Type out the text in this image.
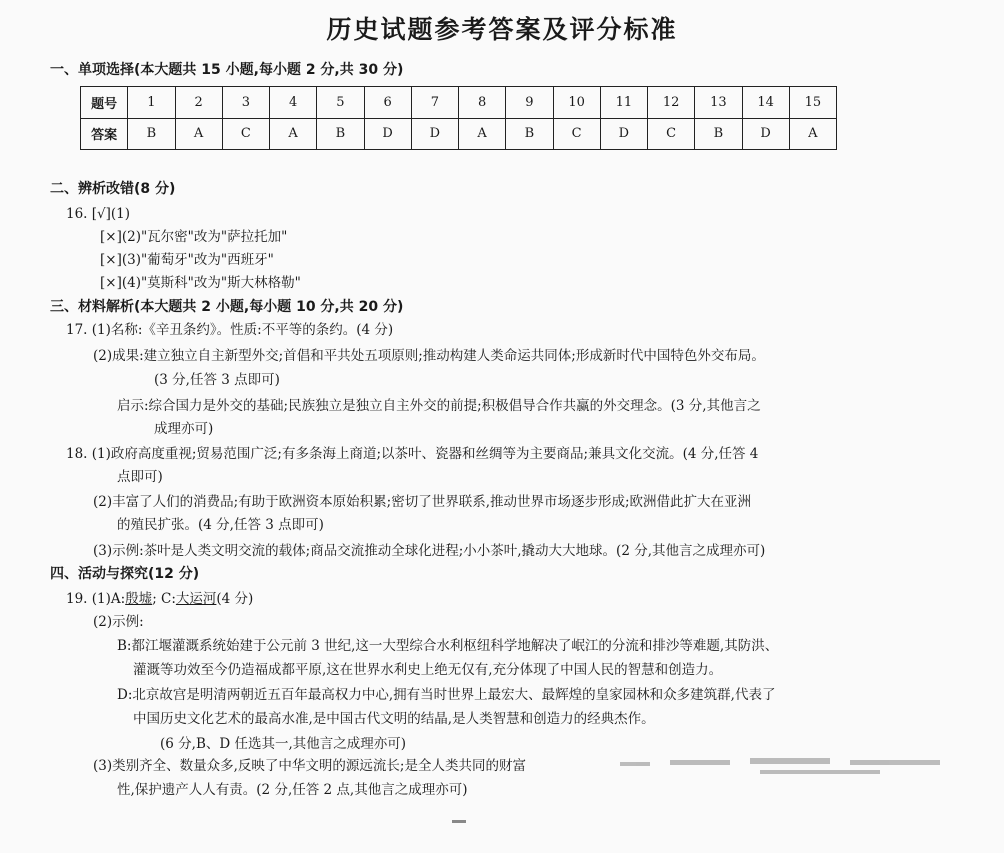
历史试题参考答案及评分标准
一、单项选择(本大题共 15 小题,每小题 2 分,共 30 分)
题号	1	2	3	4	5	6	7	8	9	10	11	12	13	14	15
答案	B	A	C	A	B	D	D	A	B	C	D	C	B	D	A
二、辨析改错(8 分)
16. [√](1)
[×](2)"瓦尔密"改为"萨拉托加"
[×](3)"葡萄牙"改为"西班牙"
[×](4)"莫斯科"改为"斯大林格勒"
三、材料解析(本大题共 2 小题,每小题 10 分,共 20 分)
17. (1)名称:《辛丑条约》。性质:不平等的条约。(4 分)
(2)成果:建立独立自主新型外交;首倡和平共处五项原则;推动构建人类命运共同体;形成新时代中国特色外交布局。
(3 分,任答 3 点即可)
启示:综合国力是外交的基础;民族独立是独立自主外交的前提;积极倡导合作共赢的外交理念。(3 分,其他言之
成理亦可)
18. (1)政府高度重视;贸易范围广泛;有多条海上商道;以茶叶、瓷器和丝绸等为主要商品;兼具文化交流。(4 分,任答 4
点即可)
(2)丰富了人们的消费品;有助于欧洲资本原始积累;密切了世界联系,推动世界市场逐步形成;欧洲借此扩大在亚洲
的殖民扩张。(4 分,任答 3 点即可)
(3)示例:茶叶是人类文明交流的载体;商品交流推动全球化进程;小小茶叶,撬动大大地球。(2 分,其他言之成理亦可)
四、活动与探究(12 分)
19. (1)A:殷墟; C:大运河(4 分)
(2)示例:
B:都江堰灌溉系统始建于公元前 3 世纪,这一大型综合水利枢纽科学地解决了岷江的分流和排沙等难题,其防洪、
灌溉等功效至今仍造福成都平原,这在世界水利史上绝无仅有,充分体现了中国人民的智慧和创造力。
D:北京故宫是明清两朝近五百年最高权力中心,拥有当时世界上最宏大、最辉煌的皇家园林和众多建筑群,代表了
中国历史文化艺术的最高水准,是中国古代文明的结晶,是人类智慧和创造力的经典杰作。
(6 分,B、D 任选其一,其他言之成理亦可)
(3)类别齐全、数量众多,反映了中华文明的源远流长;是全人类共同的财富
性,保护遗产人人有责。(2 分,任答 2 点,其他言之成理亦可)
